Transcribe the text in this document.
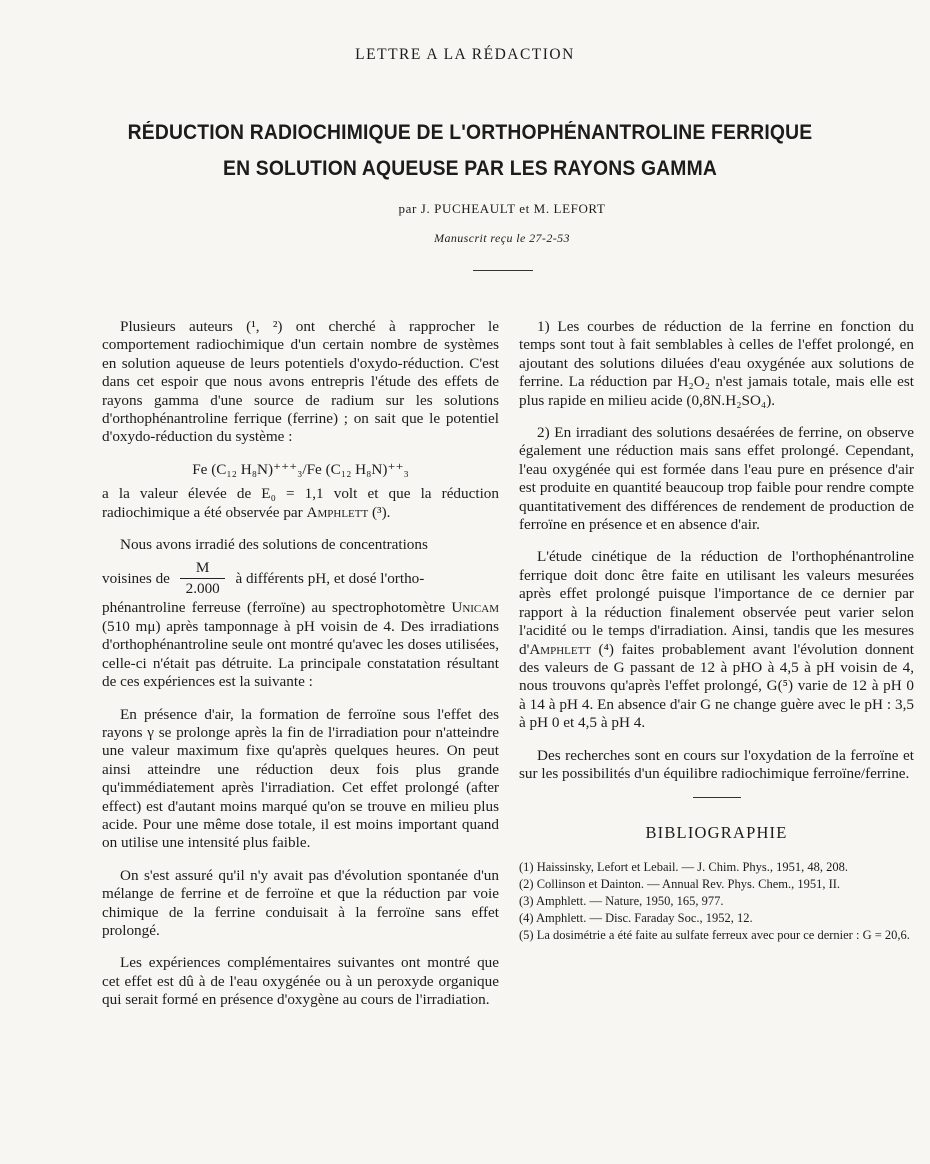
LETTRE A LA RÉDACTION
RÉDUCTION RADIOCHIMIQUE DE L'ORTHOPHÉNANTROLINE FERRIQUE
EN SOLUTION AQUEUSE PAR LES RAYONS GAMMA
par J. PUCHEAULT et M. LEFORT
Manuscrit reçu le 27-2-53

Plusieurs auteurs (¹, ²) ont cherché à rapprocher le comportement radiochimique d'un certain nombre de systèmes en solution aqueuse de leurs potentiels d'oxydo-réduction. C'est dans cet espoir que nous avons entrepris l'étude des effets de rayons gamma d'une source de radium sur les solutions d'orthophénantroline ferrique (ferrine) ; on sait que le potentiel d'oxydo-réduction du système :

Fe (C₁₂ H₈N)⁺⁺⁺₃/Fe (C₁₂ H₈N)⁺⁺₃

a la valeur élevée de E₀ = 1,1 volt et que la réduction radiochimique a été observée par Amphlett (³).

Nous avons irradié des solutions de concentrations

voisines de $\frac{M}{2.000}$ à différents pH, et dosé l'ortho-

phénantroline ferreuse (ferroïne) au spectrophotomètre Unicam (510 mμ) après tamponnage à pH voisin de 4. Des irradiations d'orthophénantroline seule ont montré qu'avec les doses utilisées, celle-ci n'était pas détruite. La principale constatation résultant de ces expériences est la suivante :

En présence d'air, la formation de ferroïne sous l'effet des rayons γ se prolonge après la fin de l'irradiation pour n'atteindre une valeur maximum fixe qu'après quelques heures. On peut ainsi atteindre une réduction deux fois plus grande qu'immédiatement après l'irradiation. Cet effet prolongé (after effect) est d'autant moins marqué qu'on se trouve en milieu plus acide. Pour une même dose totale, il est moins important quand on utilise une intensité plus faible.

On s'est assuré qu'il n'y avait pas d'évolution spontanée d'un mélange de ferrine et de ferroïne et que la réduction par voie chimique de la ferrine conduisait à la ferroïne sans effet prolongé.

Les expériences complémentaires suivantes ont montré que cet effet est dû à de l'eau oxygénée ou à un peroxyde organique qui serait formé en présence d'oxygène au cours de l'irradiation.

1) Les courbes de réduction de la ferrine en fonction du temps sont tout à fait semblables à celles de l'effet prolongé, en ajoutant des solutions diluées d'eau oxygénée aux solutions de ferrine. La réduction par H₂O₂ n'est jamais totale, mais elle est plus rapide en milieu acide (0,8N.H₂SO₄).

2) En irradiant des solutions desaérées de ferrine, on observe également une réduction mais sans effet prolongé. Cependant, l'eau oxygénée qui est formée dans l'eau pure en présence d'air est produite en quantité beaucoup trop faible pour rendre compte quantitativement des différences de rendement de production de ferroïne en présence et en absence d'air.

L'étude cinétique de la réduction de l'orthophénantroline ferrique doit donc être faite en utilisant les valeurs mesurées après effet prolongé puisque l'importance de ce dernier par rapport à la réduction finalement observée peut varier selon l'acidité ou le temps d'irradiation. Ainsi, tandis que les mesures d'Amphlett (⁴) faites probablement avant l'évolution donnent des valeurs de G passant de 12 à pHO à 4,5 à pH voisin de 4, nous trouvons qu'après l'effet prolongé, G(⁵) varie de 12 à pH 0 à 14 à pH 4. En absence d'air G ne change guère avec le pH : 3,5 à pH 0 et 4,5 à pH 4.

Des recherches sont en cours sur l'oxydation de la ferroïne et sur les possibilités d'un équilibre radiochimique ferroïne/ferrine.

BIBLIOGRAPHIE
(1) Haissinsky, Lefort et Lebail. — J. Chim. Phys., 1951, 48, 208.
(2) Collinson et Dainton. — Annual Rev. Phys. Chem., 1951, II.
(3) Amphlett. — Nature, 1950, 165, 977.
(4) Amphlett. — Disc. Faraday Soc., 1952, 12.
(5) La dosimétrie a été faite au sulfate ferreux avec pour ce dernier : G = 20,6.
